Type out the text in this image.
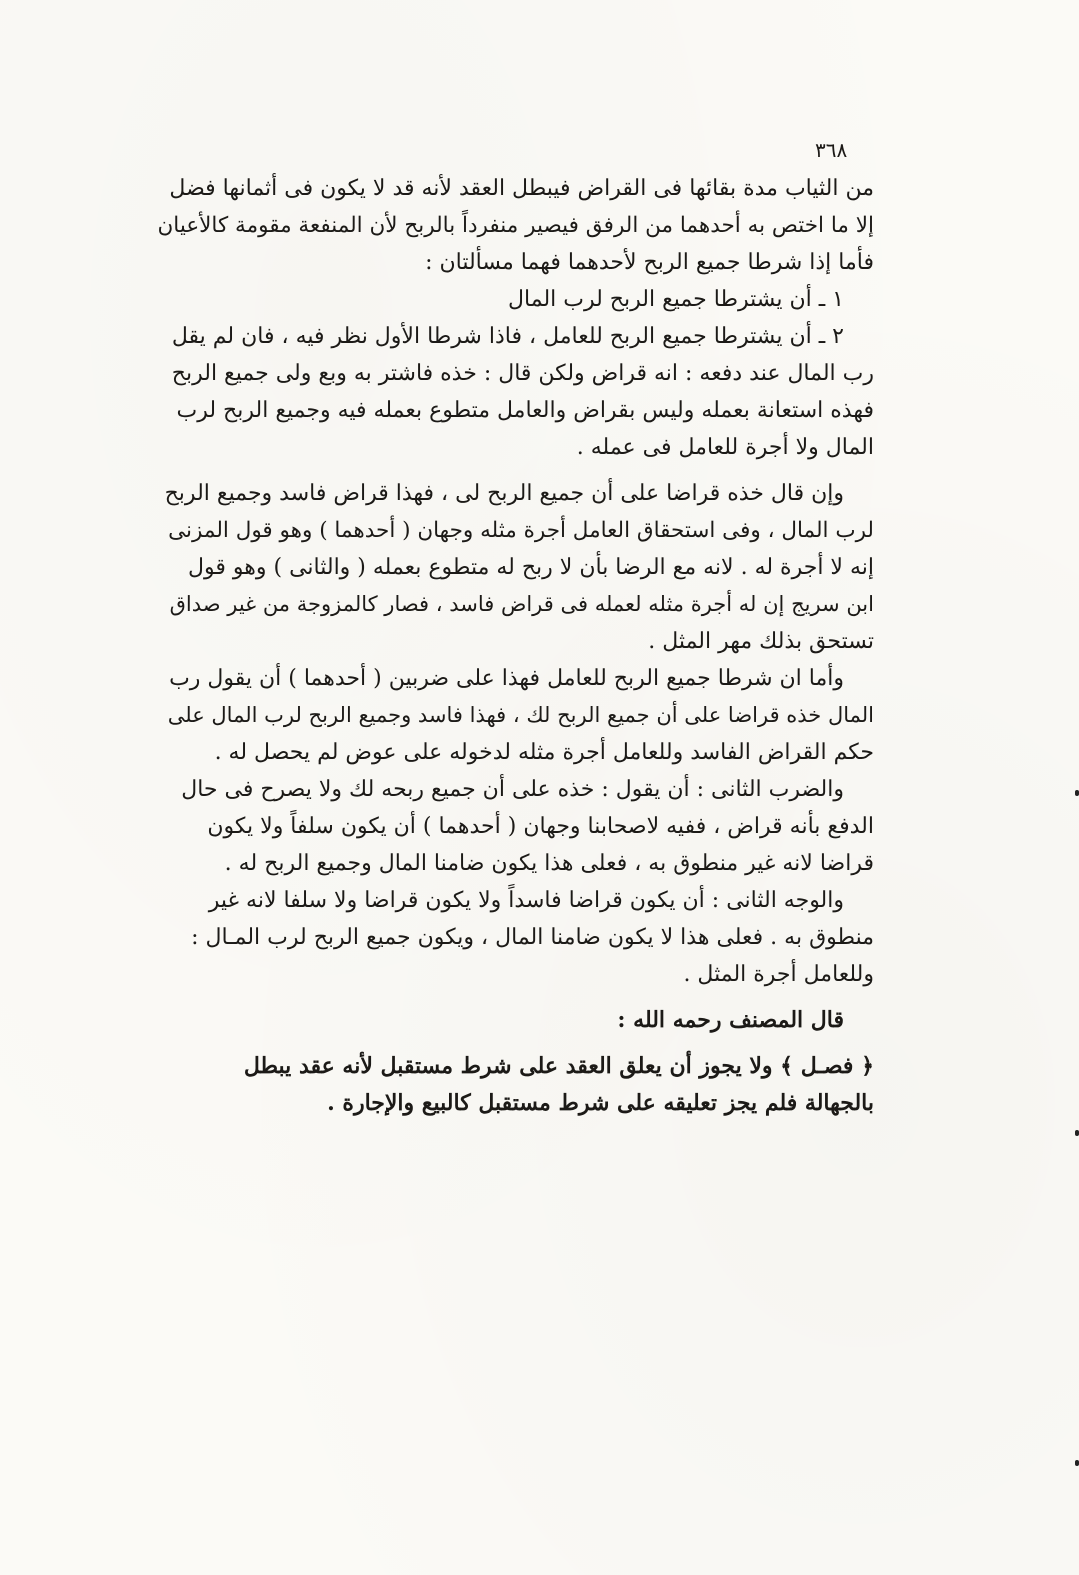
٣٦٨
من الثياب مدة بقائها فى القراض فيبطل العقد لأنه قد لا يكون فى أثمانها فضل
إلا ما اختص به أحدهما من الرفق فيصير منفرداً بالربح لأن المنفعة مقومة كالأعيان
فأما إذا شرطا جميع الربح لأحدهما فهما مسألتان :
١ ـ أن يشترطا جميع الربح لرب المال
٢ ـ أن يشترطا جميع الربح للعامل ، فاذا شرطا الأول نظر فيه ، فان لم يقل
رب المال عند دفعه : انه قراض ولكن قال : خذه فاشتر به وبع ولى جميع الربح
فهذه استعانة بعمله وليس بقراض والعامل متطوع بعمله فيه وجميع الربح لرب
المال ولا أجرة للعامل فى عمله .
وإن قال خذه قراضا على أن جميع الربح لى ، فهذا قراض فاسد وجميع الربح
لرب المال ، وفى استحقاق العامل أجرة مثله وجهان ( أحدهما ) وهو قول المزنى
إنه لا أجرة له . لانه مع الرضا بأن لا ربح له متطوع بعمله ( والثانى ) وهو قول
ابن سريج إن له أجرة مثله لعمله فى قراض فاسد ، فصار كالمزوجة من غير صداق
تستحق بذلك مهر المثل .
وأما ان شرطا جميع الربح للعامل فهذا على ضربين ( أحدهما ) أن يقول رب
المال خذه قراضا على أن جميع الربح لك ، فهذا فاسد وجميع الربح لرب المال على
حكم القراض الفاسد وللعامل أجرة مثله لدخوله على عوض لم يحصل له .
والضرب الثانى : أن يقول : خذه على أن جميع ربحه لك ولا يصرح فى حال
الدفع بأنه قراض ، ففيه لاصحابنا وجهان ( أحدهما ) أن يكون سلفاً ولا يكون
قراضا لانه غير منطوق به ، فعلى هذا يكون ضامنا المال وجميع الربح له .
والوجه الثانى : أن يكون قراضا فاسداً ولا يكون قراضا ولا سلفا لانه غير
منطوق به . فعلى هذا لا يكون ضامنا المال ، ويكون جميع الربح لرب المـال :
وللعامل أجرة المثل .
قال المصنف رحمه الله :
﴿ فصـل ﴾ ولا يجوز أن يعلق العقد على شرط مستقبل لأنه عقد يبطل
بالجهالة فلم يجز تعليقه على شرط مستقبل كالبيع والإجارة .
